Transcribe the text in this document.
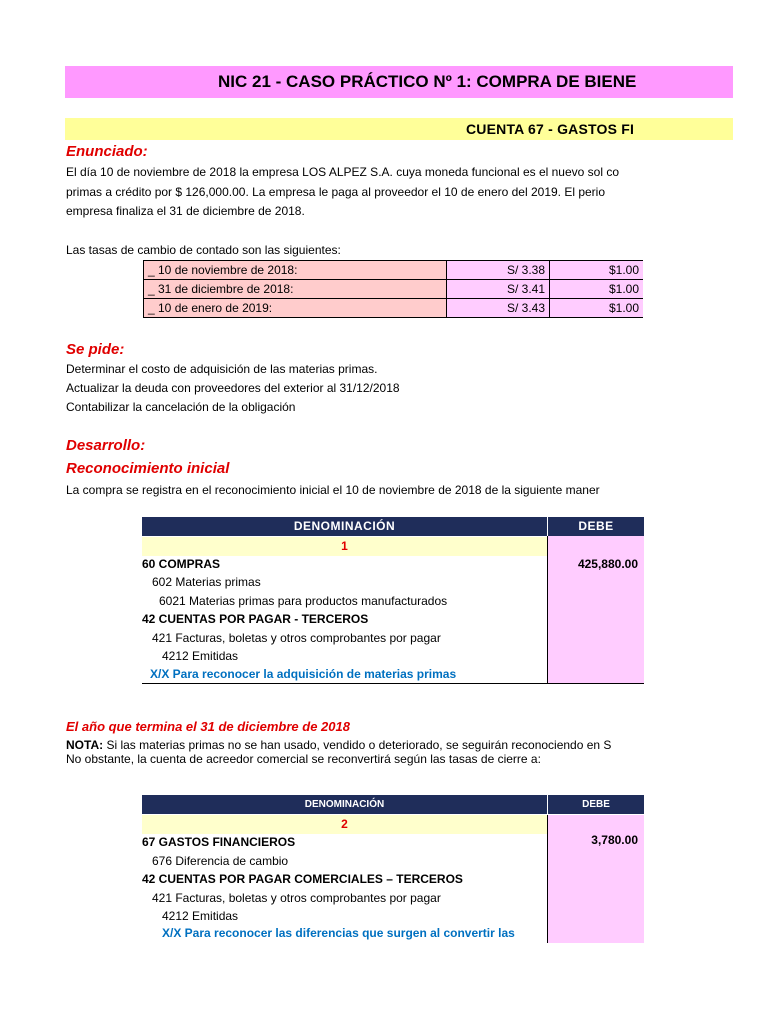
NIC 21 - CASO PRÁCTICO Nº 1: COMPRA DE BIENE
CUENTA 67 - GASTOS FI
Enunciado:
El día 10 de noviembre de 2018 la empresa LOS ALPEZ S.A. cuya moneda funcional es el nuevo sol co
primas a crédito por $ 126,000.00. La empresa le paga al proveedor el 10 de enero del 2019. El perio
empresa finaliza el 31 de diciembre de 2018.
Las tasas de cambio de contado son las siguientes:
_ 10 de noviembre de 2018:	S/ 3.38	$1.00
_ 31 de diciembre de 2018:	S/ 3.41	$1.00
_ 10 de enero de 2019:	S/ 3.43	$1.00
Se pide:
Determinar el costo de adquisición de las materias primas.
Actualizar la deuda con proveedores del exterior al 31/12/2018
Contabilizar la cancelación de la obligación
Desarrollo:
Reconocimiento inicial
La compra se registra en el reconocimiento inicial el 10 de noviembre de 2018 de la siguiente maner
DENOMINACIÓN	DEBE
1
60 COMPRAS	425,880.00
602 Materias primas
6021 Materias primas para productos manufacturados
42 CUENTAS POR PAGAR - TERCEROS
421 Facturas, boletas y otros comprobantes por pagar
4212 Emitidas
X/X Para reconocer la adquisición de materias primas
El año que termina el 31 de diciembre de 2018
NOTA: Si las materias primas no se han usado, vendido o deteriorado, se seguirán reconociendo en S
No obstante, la cuenta de acreedor comercial se reconvertirá según las tasas de cierre a:
DENOMINACIÓN	DEBE
2
67 GASTOS FINANCIEROS	3,780.00
676 Diferencia de cambio
42 CUENTAS POR PAGAR COMERCIALES – TERCEROS
421 Facturas, boletas y otros comprobantes por pagar
4212 Emitidas
X/X Para reconocer las diferencias que surgen al convertir las
